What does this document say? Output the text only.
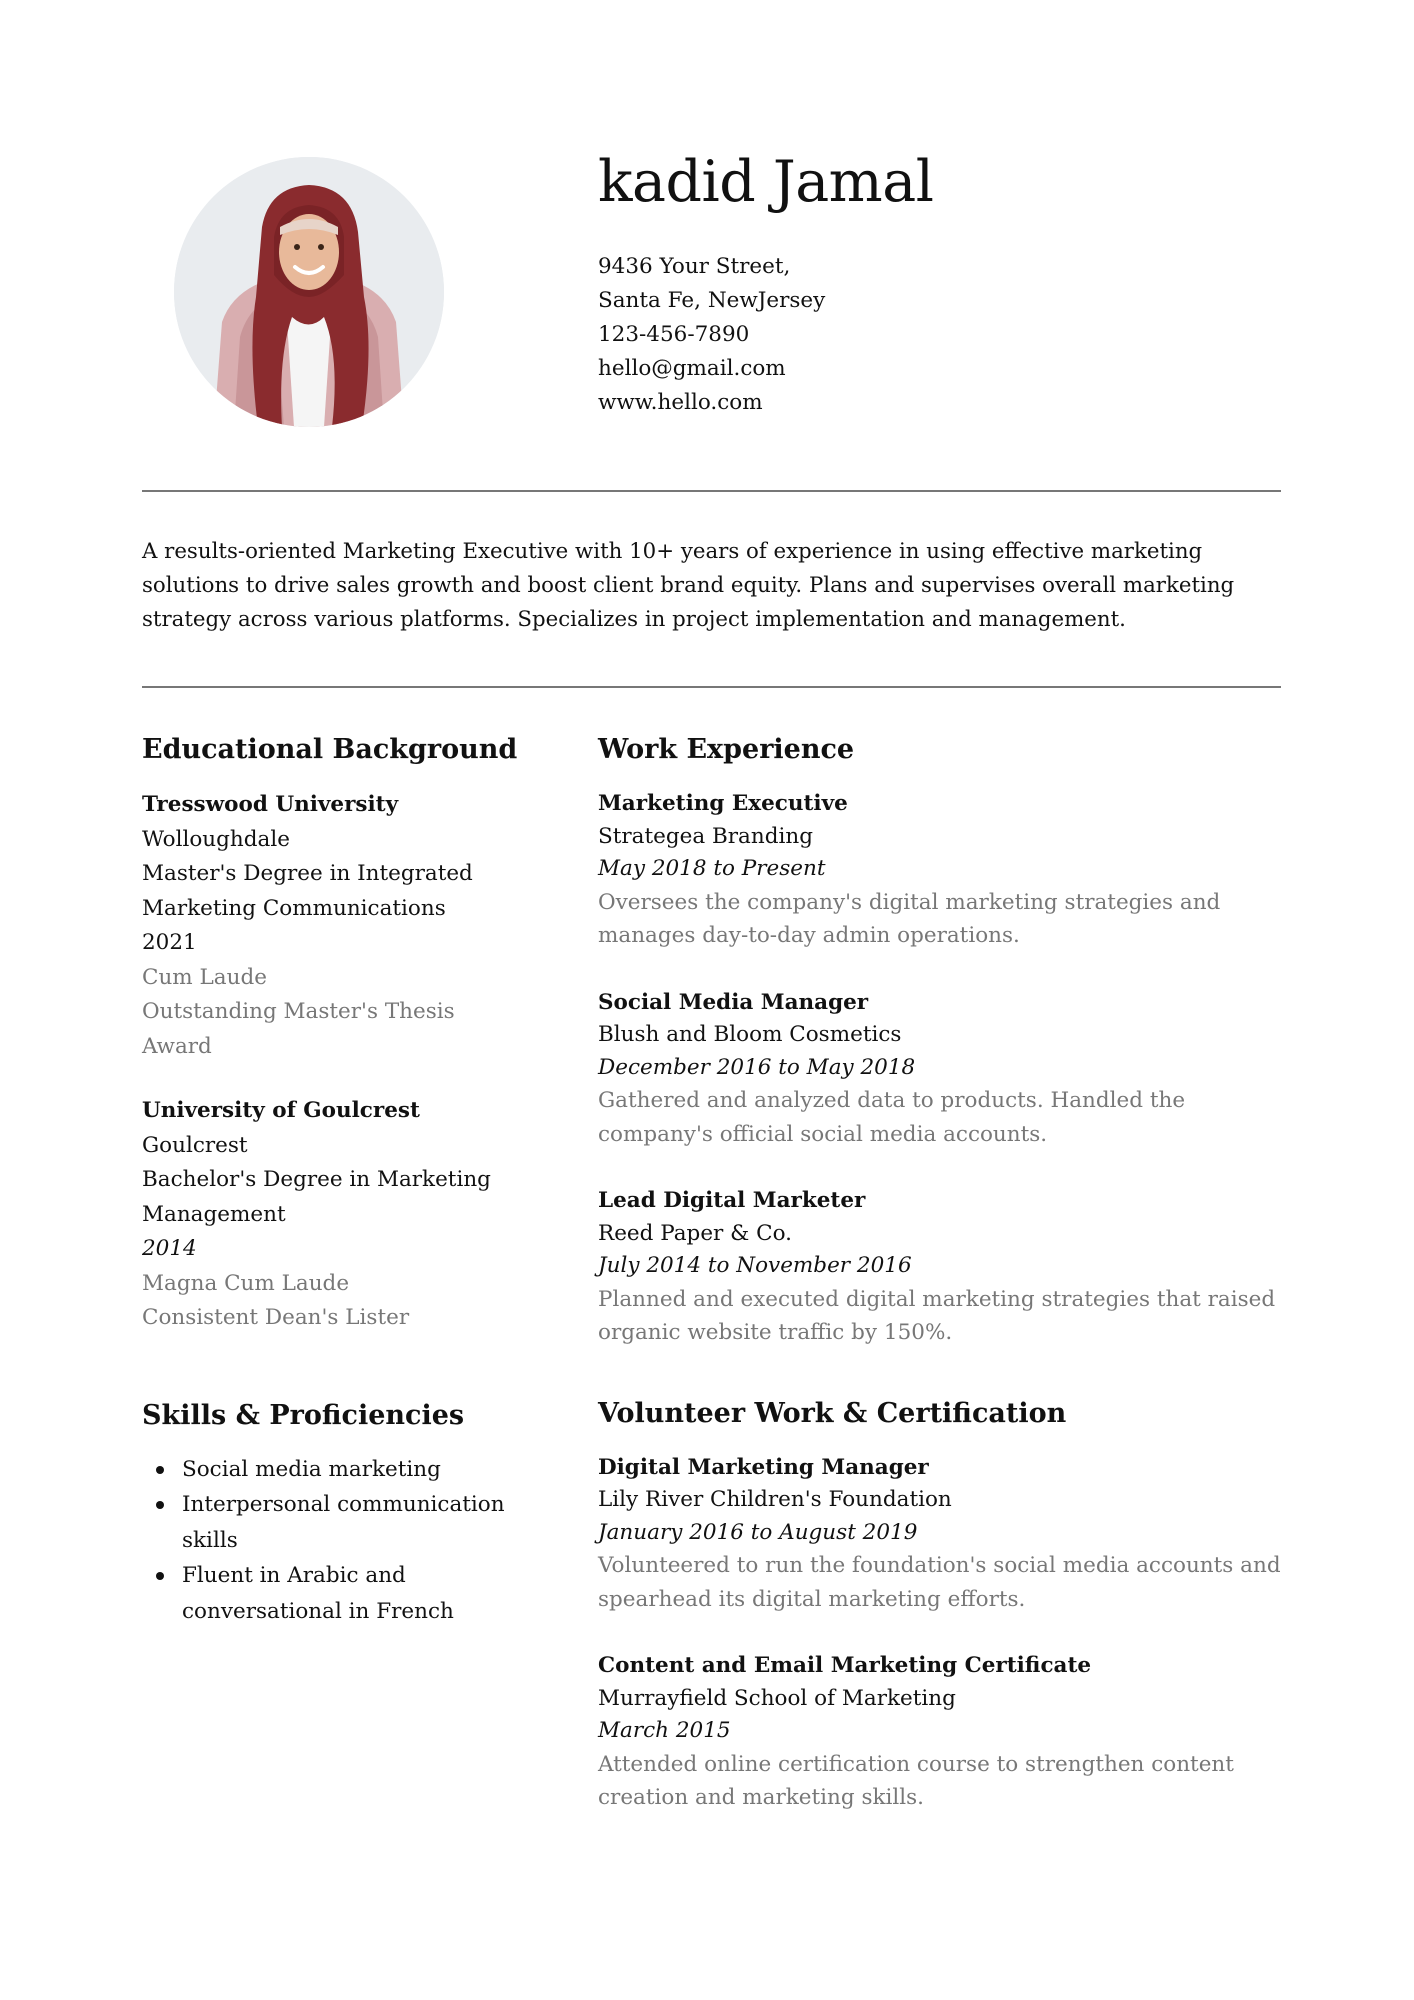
kadid Jamal
9436 Your Street,
Santa Fe, NewJersey
123-456-7890
hello@gmail.com
www.hello.com

A results-oriented Marketing Executive with 10+ years of experience in using effective marketing solutions to drive sales growth and boost client brand equity. Plans and supervises overall marketing strategy across various platforms. Specializes in project implementation and management.

Educational Background
Tresswood University
Wolloughdale
Master's Degree in Integrated
Marketing Communications
2021
Cum Laude
Outstanding Master's Thesis
Award
University of Goulcrest
Goulcrest
Bachelor's Degree in Marketing
Management
2014
Magna Cum Laude
Consistent Dean's Lister
Skills & Proficiencies
Social media marketing
Interpersonal communication
skills
Fluent in Arabic and
conversational in French
Work Experience
Marketing Executive
Strategea Branding
May 2018 to Present
Oversees the company's digital marketing strategies and
manages day-to-day admin operations.
Social Media Manager
Blush and Bloom Cosmetics
December 2016 to May 2018
Gathered and analyzed data to products. Handled the
company's official social media accounts.
Lead Digital Marketer
Reed Paper & Co.
July 2014 to November 2016
Planned and executed digital marketing strategies that raised
organic website traffic by 150%.
Volunteer Work & Certification
Digital Marketing Manager
Lily River Children's Foundation
January 2016 to August 2019
Volunteered to run the foundation's social media accounts and
spearhead its digital marketing efforts.
Content and Email Marketing Certificate
Murrayfield School of Marketing
March 2015
Attended online certification course to strengthen content
creation and marketing skills.
